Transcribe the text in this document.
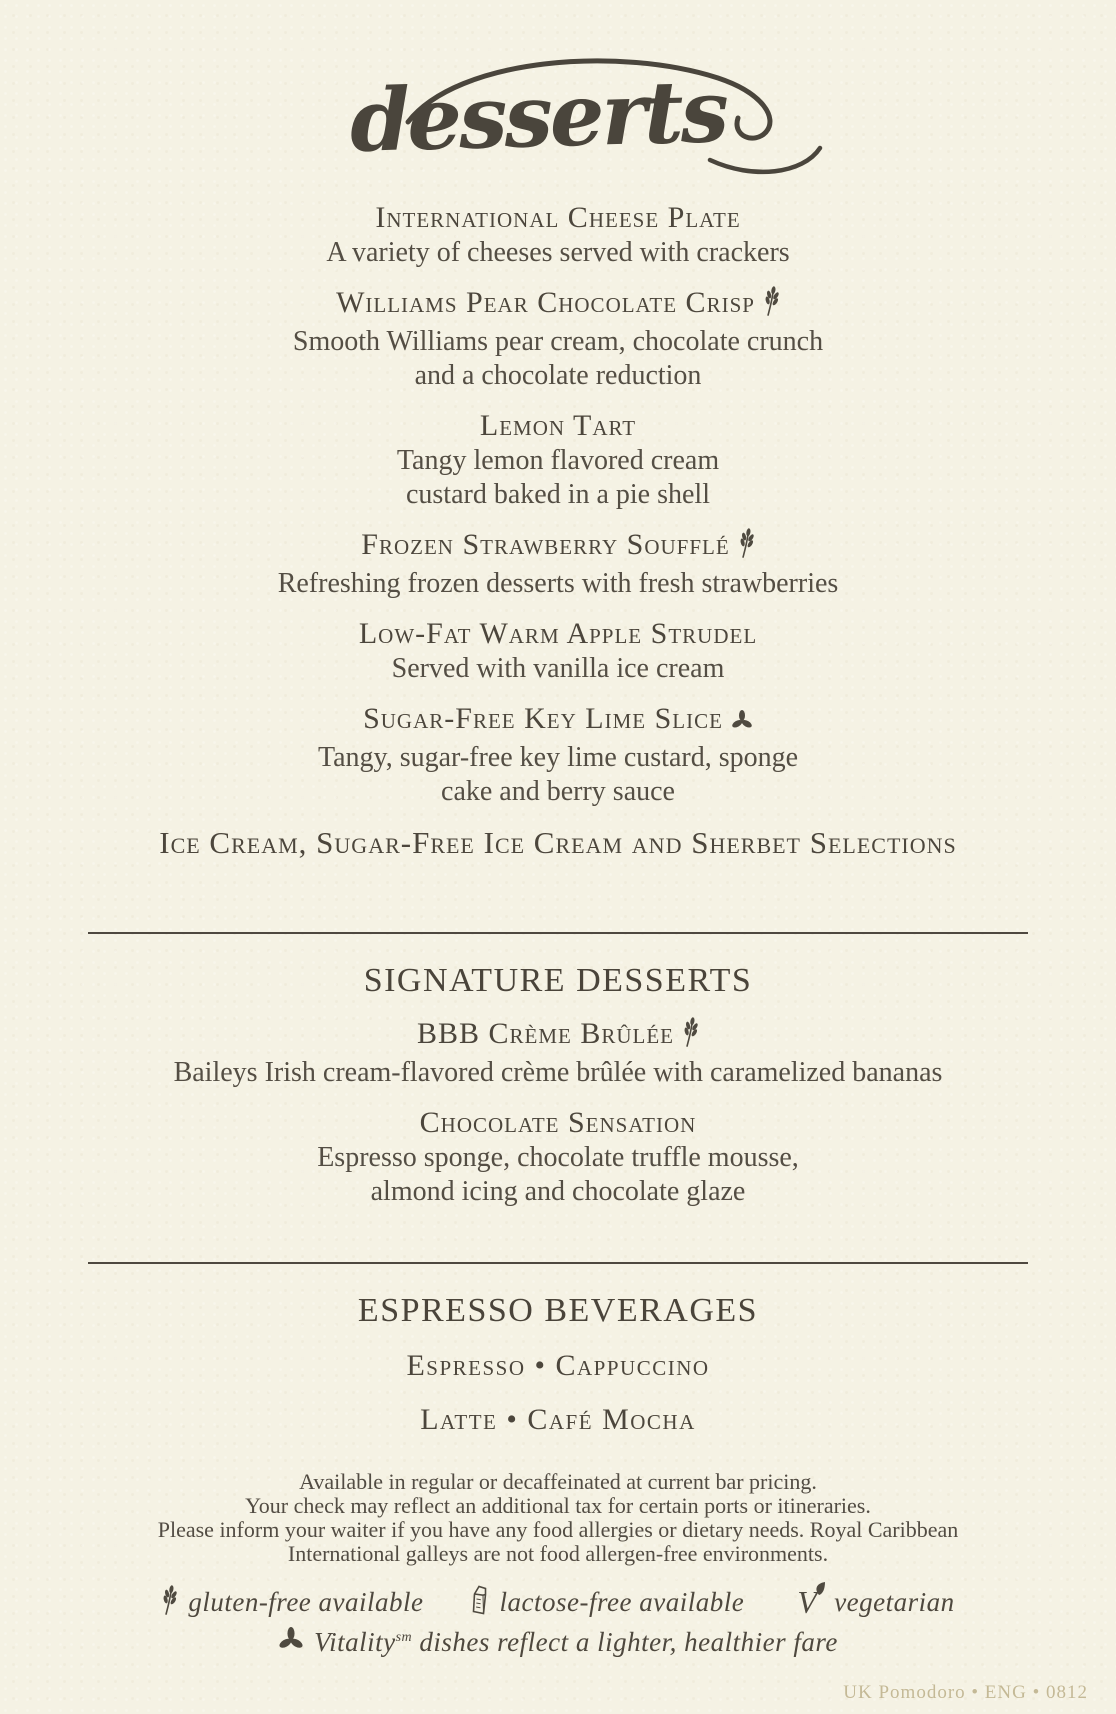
desserts
International Cheese Plate
A variety of cheeses served with crackers
Williams Pear Chocolate Crisp
Smooth Williams pear cream, chocolate crunch
and a chocolate reduction
Lemon Tart
Tangy lemon flavored cream
custard baked in a pie shell
Frozen Strawberry Soufflé
Refreshing frozen desserts with fresh strawberries
Low-Fat Warm Apple Strudel
Served with vanilla ice cream
Sugar-Free Key Lime Slice
Tangy, sugar-free key lime custard, sponge
cake and berry sauce
Ice Cream, Sugar-Free Ice Cream and Sherbet Selections
SIGNATURE DESSERTS
BBB Crème Brûlée
Baileys Irish cream-flavored crème brûlée with caramelized bananas
Chocolate Sensation
Espresso sponge, chocolate truffle mousse,
almond icing and chocolate glaze
ESPRESSO BEVERAGES
Espresso • Cappuccino
Latte • Café Mocha
Available in regular or decaffeinated at current bar pricing.
Your check may reflect an additional tax for certain ports or itineraries.
Please inform your waiter if you have any food allergies or dietary needs. Royal Caribbean
International galleys are not food allergen-free environments.
gluten-free available	lactose-free available V vegetarian
Vitality$^{sm}$ dishes reflect a lighter, healthier fare
UK Pomodoro • ENG • 0812
